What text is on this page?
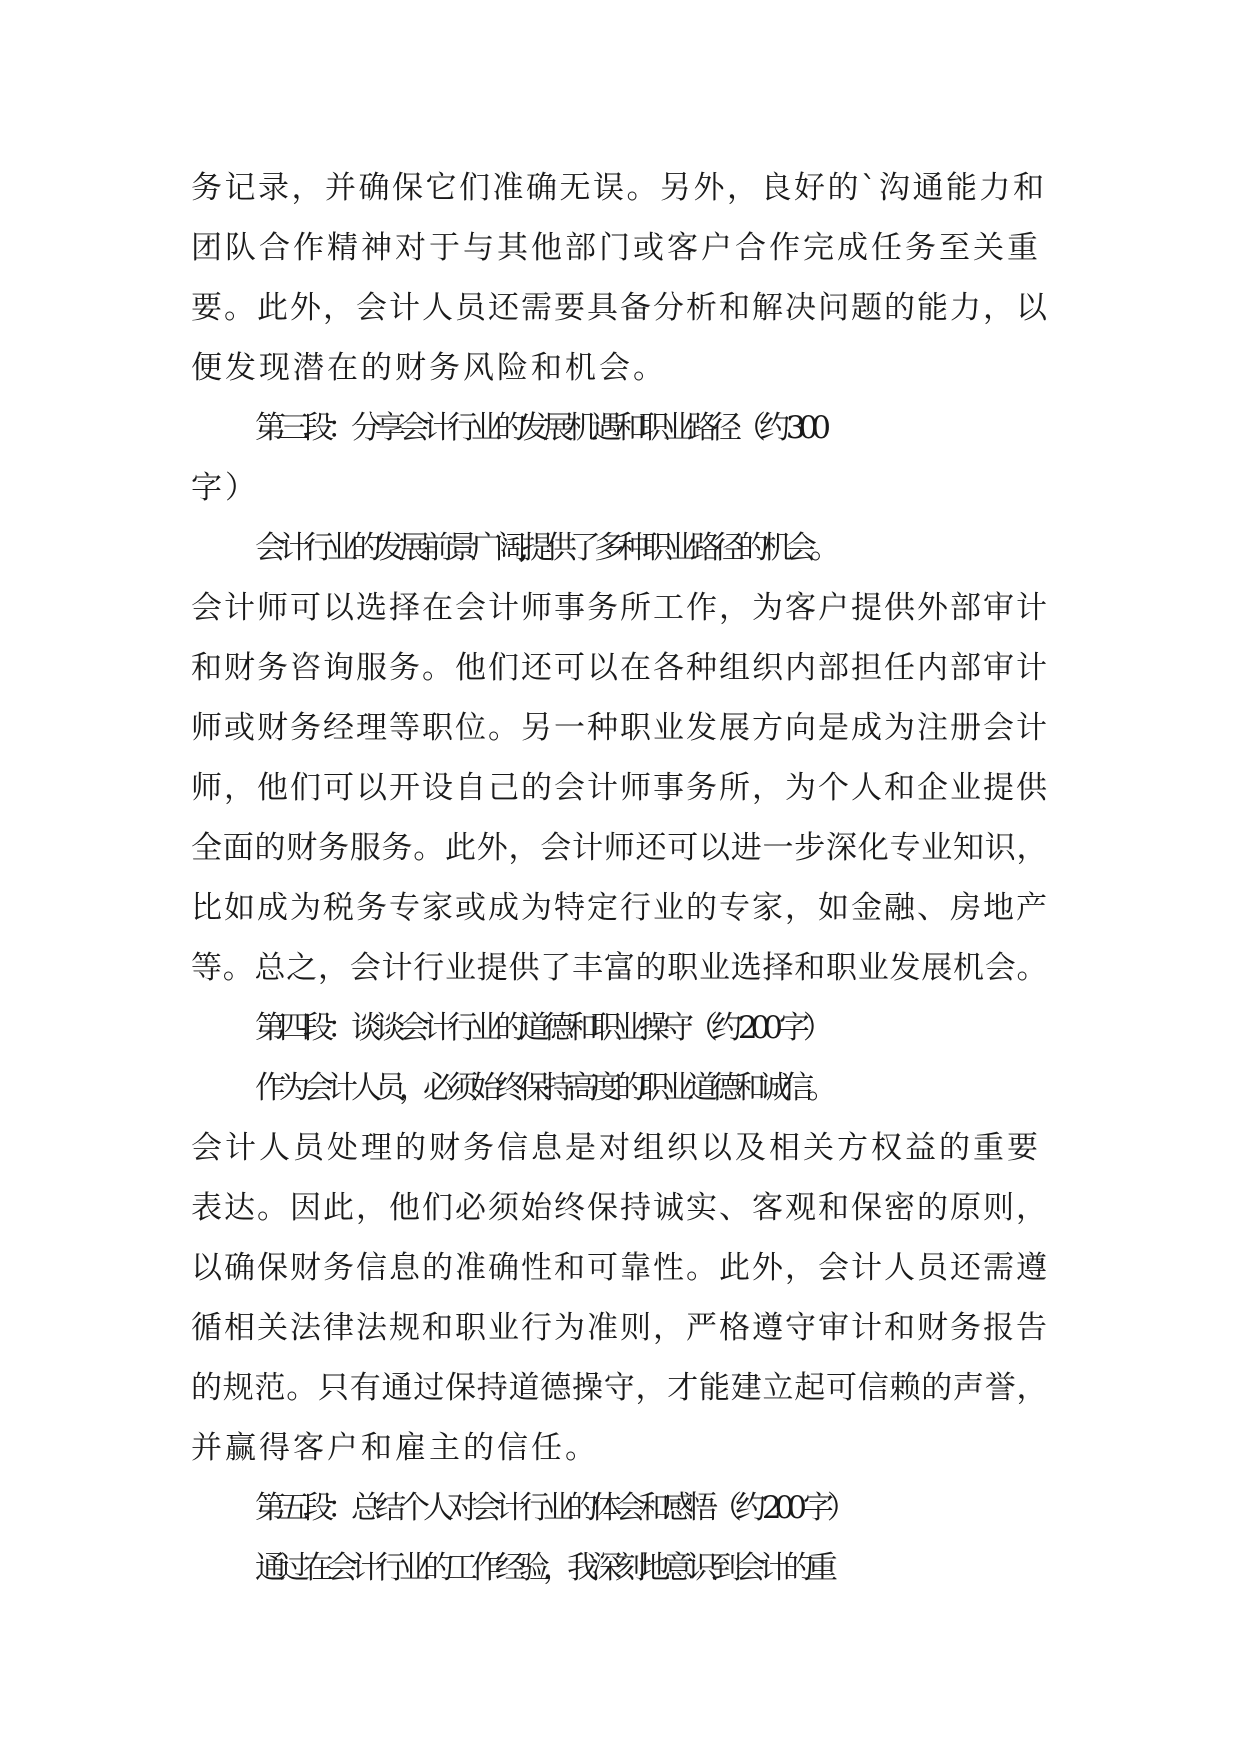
务记录，并确保它们准确无误。另外，良好的`沟通能力和
团队合作精神对于与其他部门或客户合作完成任务至关重
要。此外，会计人员还需要具备分析和解决问题的能力，以
便发现潜在的财务风险和机会。
第三段：分享会计行业的发展机遇和职业路径（约 300
字）
会计行业的发展前景广阔,提供了多种职业路径的机会。
会计师可以选择在会计师事务所工作，为客户提供外部审计
和财务咨询服务。他们还可以在各种组织内部担任内部审计
师或财务经理等职位。另一种职业发展方向是成为注册会计
师，他们可以开设自己的会计师事务所，为个人和企业提供
全面的财务服务。此外，会计师还可以进一步深化专业知识，
比如成为税务专家或成为特定行业的专家，如金融、房地产
等。总之，会计行业提供了丰富的职业选择和职业发展机会。
第四段：谈谈会计行业的道德和职业操守（约 200 字）
作为会计人员，必须始终保持高度的职业道德和诚信。
会计人员处理的财务信息是对组织以及相关方权益的重要
表达。因此，他们必须始终保持诚实、客观和保密的原则，
以确保财务信息的准确性和可靠性。此外，会计人员还需遵
循相关法律法规和职业行为准则，严格遵守审计和财务报告
的规范。只有通过保持道德操守，才能建立起可信赖的声誉，
并赢得客户和雇主的信任。
第五段：总结个人对会计行业的体会和感悟（约 200 字）
通过在会计行业的工作经验，我深刻地意识到会计的重
